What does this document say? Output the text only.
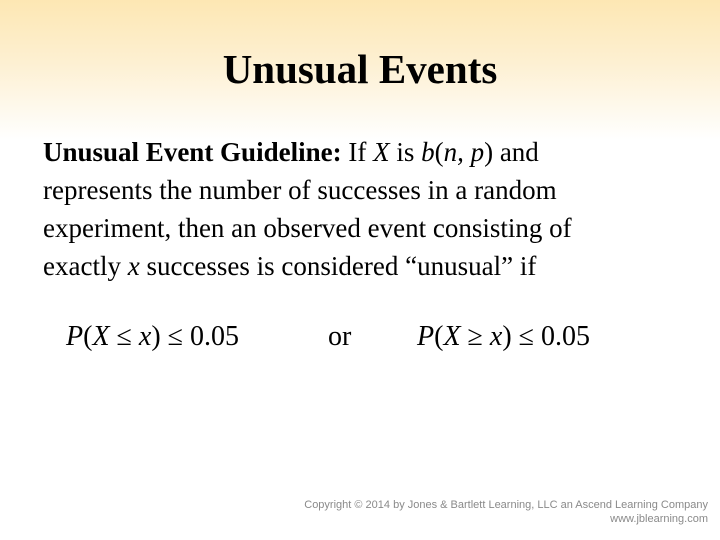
Unusual Events
Unusual Event Guideline: If X is b(n, p) and
represents the number of successes in a random
experiment, then an observed event consisting of
exactly x successes is considered “unusual” if
P(X ≤ x) ≤ 0.05	or P(X ≥ x) ≤ 0.05
Copyright © 2014 by Jones & Bartlett Learning, LLC an Ascend Learning Company
www.jblearning.com
